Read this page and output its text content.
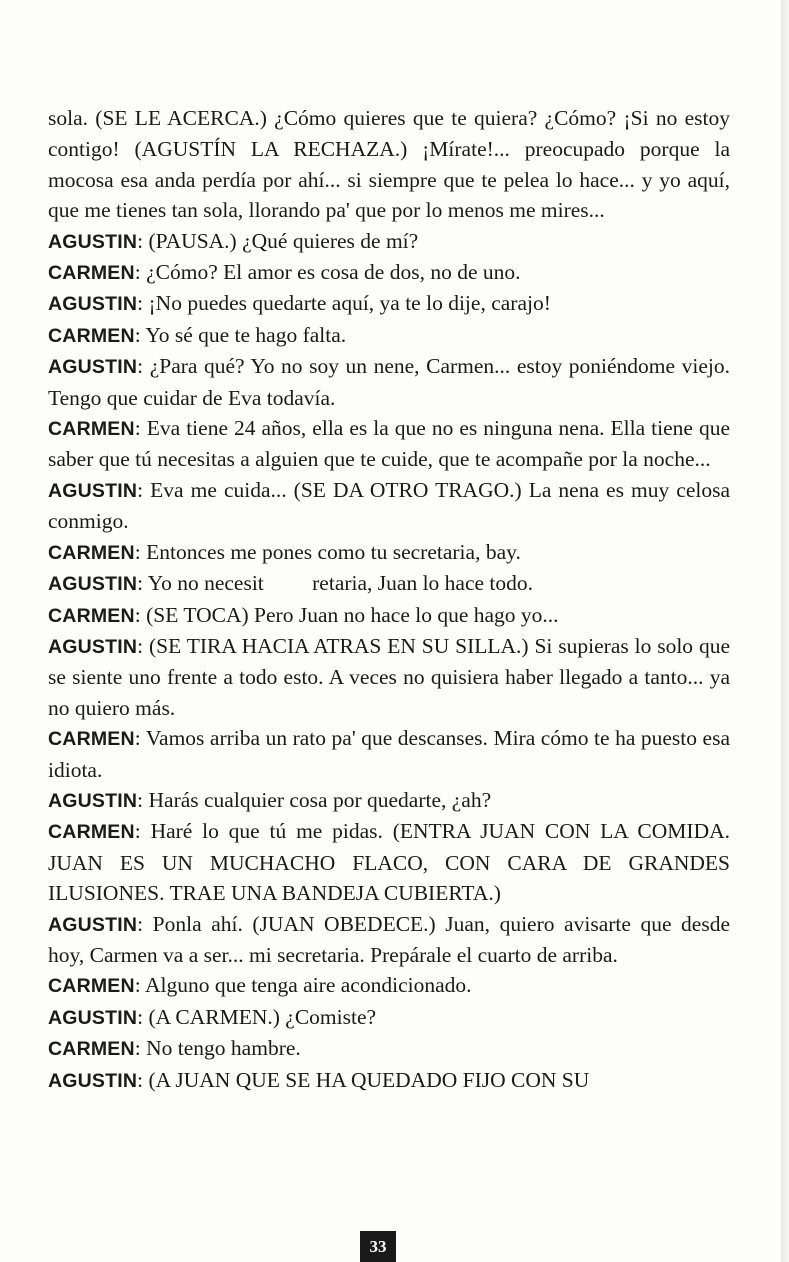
sola. (SE LE ACERCA.) ¿Cómo quieres que te quiera? ¿Cómo? ¡Si no estoy contigo! (AGUSTÍN LA RECHAZA.) ¡Mírate!... preocupado porque la mocosa esa anda perdía por ahí... si siempre que te pelea lo hace... y yo aquí, que me tienes tan sola, llorando pa' que por lo menos me mires...

AGUSTIN: (PAUSA.) ¿Qué quieres de mí?

CARMEN: ¿Cómo? El amor es cosa de dos, no de uno.

AGUSTIN: ¡No puedes quedarte aquí, ya te lo dije, carajo!

CARMEN: Yo sé que te hago falta.

AGUSTIN: ¿Para qué? Yo no soy un nene, Carmen... estoy poniéndome viejo. Tengo que cuidar de Eva todavía.

CARMEN: Eva tiene 24 años, ella es la que no es ninguna nena. Ella tiene que saber que tú necesitas a alguien que te cuide, que te acompañe por la noche...

AGUSTIN: Eva me cuida... (SE DA OTRO TRAGO.) La nena es muy celosa conmigo.

CARMEN: Entonces me pones como tu secretaria, bay.

AGUSTIN: Yo no necesit   retaria, Juan lo hace todo.

CARMEN: (SE TOCA) Pero Juan no hace lo que hago yo...

AGUSTIN: (SE TIRA HACIA ATRAS EN SU SILLA.) Si supieras lo solo que se siente uno frente a todo esto. A veces no quisiera haber llegado a tanto... ya no quiero más.

CARMEN: Vamos arriba un rato pa' que descanses. Mira cómo te ha puesto esa idiota.

AGUSTIN: Harás cualquier cosa por quedarte, ¿ah?

CARMEN: Haré lo que tú me pidas. (ENTRA JUAN CON LA COMIDA. JUAN ES UN MUCHACHO FLACO, CON CARA DE GRANDES ILUSIONES. TRAE UNA BANDEJA CUBIERTA.)

AGUSTIN: Ponla ahí. (JUAN OBEDECE.) Juan, quiero avisarte que desde hoy, Carmen va a ser... mi secretaria. Prepárale el cuarto de arriba.

CARMEN: Alguno que tenga aire acondicionado.

AGUSTIN: (A CARMEN.) ¿Comiste?

CARMEN: No tengo hambre.

AGUSTIN: (A JUAN QUE SE HA QUEDADO FIJO CON SU

33
